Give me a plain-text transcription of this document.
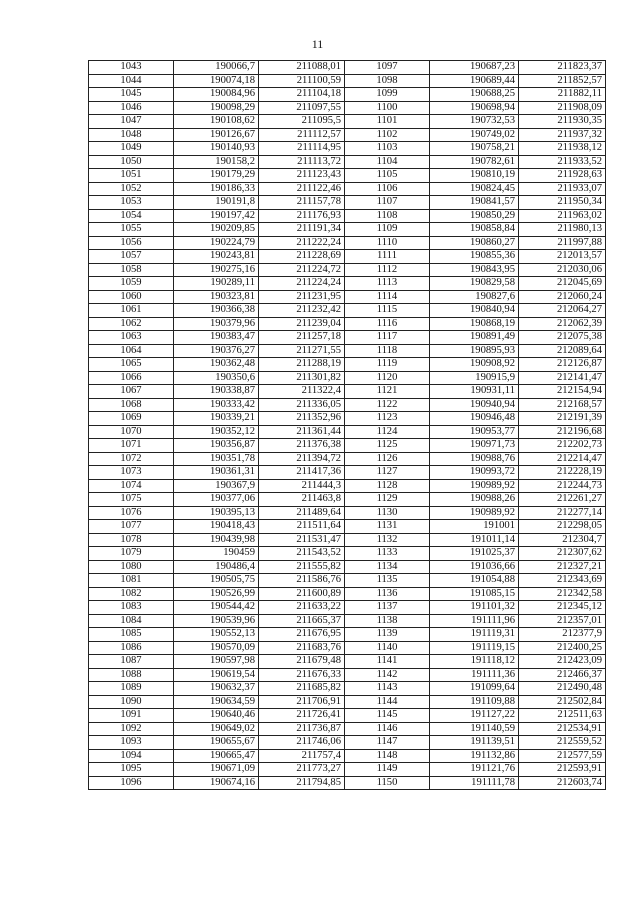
11
1043	190066,7	211088,01	1097	190687,23	211823,37
1044	190074,18	211100,59	1098	190689,44	211852,57
1045	190084,96	211104,18	1099	190688,25	211882,11
1046	190098,29	211097,55	1100	190698,94	211908,09
1047	190108,62	211095,5	1101	190732,53	211930,35
1048	190126,67	211112,57	1102	190749,02	211937,32
1049	190140,93	211114,95	1103	190758,21	211938,12
1050	190158,2	211113,72	1104	190782,61	211933,52
1051	190179,29	211123,43	1105	190810,19	211928,63
1052	190186,33	211122,46	1106	190824,45	211933,07
1053	190191,8	211157,78	1107	190841,57	211950,34
1054	190197,42	211176,93	1108	190850,29	211963,02
1055	190209,85	211191,34	1109	190858,84	211980,13
1056	190224,79	211222,24	1110	190860,27	211997,88
1057	190243,81	211228,69	1111	190855,36	212013,57
1058	190275,16	211224,72	1112	190843,95	212030,06
1059	190289,11	211224,24	1113	190829,58	212045,69
1060	190323,81	211231,95	1114	190827,6	212060,24
1061	190366,38	211232,42	1115	190840,94	212064,27
1062	190379,96	211239,04	1116	190868,19	212062,39
1063	190383,47	211257,18	1117	190891,49	212075,38
1064	190376,27	211271,55	1118	190895,93	212089,64
1065	190362,48	211288,19	1119	190908,92	212126,87
1066	190350,6	211301,82	1120	190915,9	212141,47
1067	190338,87	211322,4	1121	190931,11	212154,94
1068	190333,42	211336,05	1122	190940,94	212168,57
1069	190339,21	211352,96	1123	190946,48	212191,39
1070	190352,12	211361,44	1124	190953,77	212196,68
1071	190356,87	211376,38	1125	190971,73	212202,73
1072	190351,78	211394,72	1126	190988,76	212214,47
1073	190361,31	211417,36	1127	190993,72	212228,19
1074	190367,9	211444,3	1128	190989,92	212244,73
1075	190377,06	211463,8	1129	190988,26	212261,27
1076	190395,13	211489,64	1130	190989,92	212277,14
1077	190418,43	211511,64	1131	191001	212298,05
1078	190439,98	211531,47	1132	191011,14	212304,7
1079	190459	211543,52	1133	191025,37	212307,62
1080	190486,4	211555,82	1134	191036,66	212327,21
1081	190505,75	211586,76	1135	191054,88	212343,69
1082	190526,99	211600,89	1136	191085,15	212342,58
1083	190544,42	211633,22	1137	191101,32	212345,12
1084	190539,96	211665,37	1138	191111,96	212357,01
1085	190552,13	211676,95	1139	191119,31	212377,9
1086	190570,09	211683,76	1140	191119,15	212400,25
1087	190597,98	211679,48	1141	191118,12	212423,09
1088	190619,54	211676,33	1142	191111,36	212466,37
1089	190632,37	211685,82	1143	191099,64	212490,48
1090	190634,59	211706,91	1144	191109,88	212502,84
1091	190640,46	211726,41	1145	191127,22	212511,63
1092	190649,02	211736,87	1146	191140,59	212534,91
1093	190655,67	211746,06	1147	191139,51	212559,52
1094	190665,47	211757,4	1148	191132,86	212577,59
1095	190671,09	211773,27	1149	191121,76	212593,91
1096	190674,16	211794,85	1150	191111,78	212603,74
